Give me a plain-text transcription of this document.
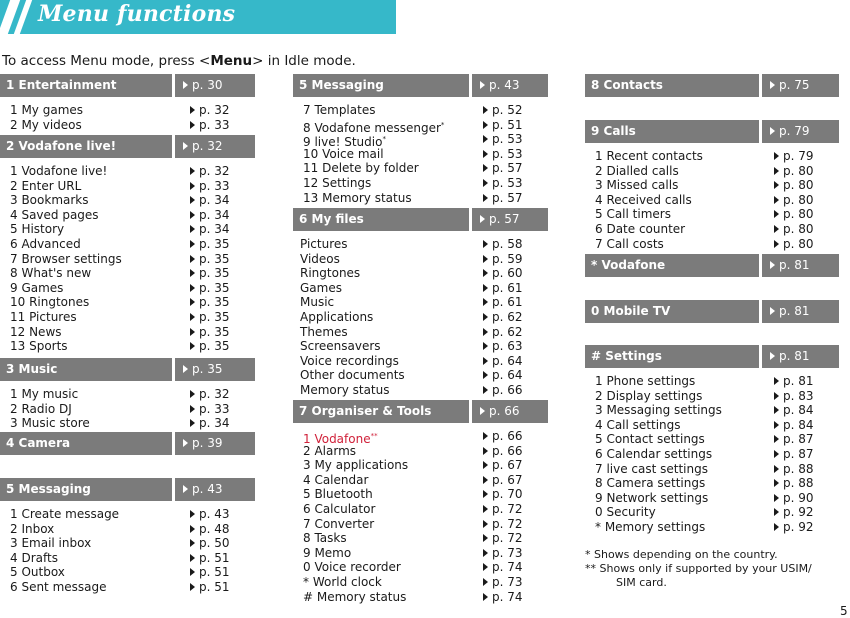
Menu functions
To access Menu mode, press <Menu> in Idle mode.
1 Entertainment	p. 30
1 My games	p. 32
2 My videos	p. 33
2 Vodafone live!	p. 32
1 Vodafone live!	p. 32
2 Enter URL	p. 33
3 Bookmarks	p. 34
4 Saved pages	p. 34
5 History	p. 34
6 Advanced	p. 35
7 Browser settings	p. 35
8 What's new	p. 35
9 Games	p. 35
10 Ringtones	p. 35
11 Pictures	p. 35
12 News	p. 35
13 Sports	p. 35
3 Music	p. 35
1 My music	p. 32
2 Radio DJ	p. 33
3 Music store	p. 34
4 Camera	p. 39
5 Messaging	p. 43
1 Create message	p. 43
2 Inbox	p. 48
3 Email inbox	p. 50
4 Drafts	p. 51
5 Outbox	p. 51
6 Sent message	p. 51
5 Messaging	p. 43
7 Templates	p. 52
8 Vodafone messenger*	p. 51
9 live! Studio*	p. 53
10 Voice mail	p. 53
11 Delete by folder	p. 57
12 Settings	p. 53
13 Memory status	p. 57
6 My files	p. 57
Pictures	p. 58
Videos	p. 59
Ringtones	p. 60
Games	p. 61
Music	p. 61
Applications	p. 62
Themes	p. 62
Screensavers	p. 63
Voice recordings	p. 64
Other documents	p. 64
Memory status	p. 66
7 Organiser & Tools	p. 66
1 Vodafone**	p. 66
2 Alarms	p. 66
3 My applications	p. 67
4 Calendar	p. 67
5 Bluetooth	p. 70
6 Calculator	p. 72
7 Converter	p. 72
8 Tasks	p. 72
9 Memo	p. 73
0 Voice recorder	p. 74
* World clock	p. 73
# Memory status	p. 74
8 Contacts	p. 75
9 Calls	p. 79
1 Recent contacts	p. 79
2 Dialled calls	p. 80
3 Missed calls	p. 80
4 Received calls	p. 80
5 Call timers	p. 80
6 Date counter	p. 80
7 Call costs	p. 80
* Vodafone	p. 81
0 Mobile TV	p. 81
# Settings	p. 81
1 Phone settings	p. 81
2 Display settings	p. 83
3 Messaging settings	p. 84
4 Call settings	p. 84
5 Contact settings	p. 87
6 Calendar settings	p. 87
7 live cast settings	p. 88
8 Camera settings	p. 88
9 Network settings	p. 90
0 Security	p. 92
* Memory settings	p. 92
* Shows depending on the country.
** Shows only if supported by your USIM/
SIM card.
5
